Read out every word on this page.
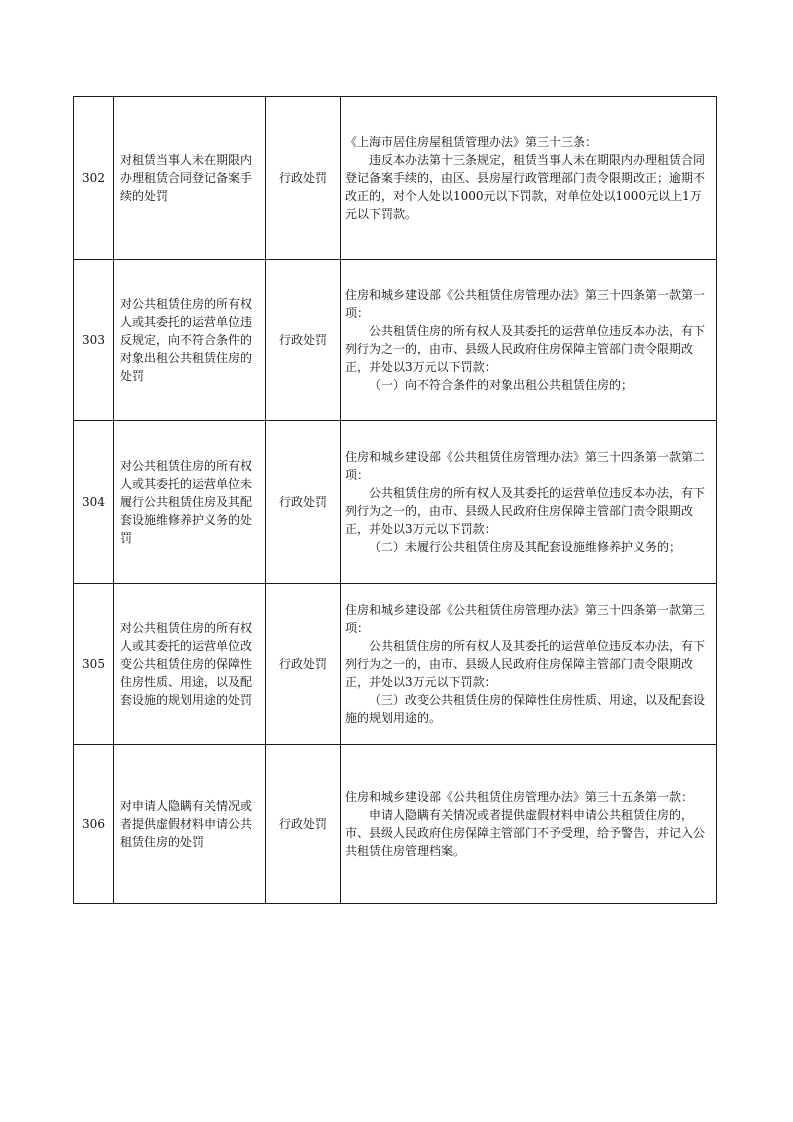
302	对租赁当事人未在期限内办理租赁合同登记备案手续的处罚	行政处罚	《上海市居住房屋租赁管理办法》第三十三条：
违反本办法第十三条规定，租赁当事人未在期限内办理租赁合同登记备案手续的，由区、县房屋行政管理部门责令限期改正；逾期不改正的，对个人处以1000元以下罚款，对单位处以1000元以上1万元以下罚款。

303	对公共租赁住房的所有权人或其委托的运营单位违反规定，向不符合条件的对象出租公共租赁住房的处罚	行政处罚	住房和城乡建设部《公共租赁住房管理办法》第三十四条第一款第一项：
公共租赁住房的所有权人及其委托的运营单位违反本办法，有下列行为之一的，由市、县级人民政府住房保障主管部门责令限期改正，并处以3万元以下罚款：
（一）向不符合条件的对象出租公共租赁住房的；

304	对公共租赁住房的所有权人或其委托的运营单位未履行公共租赁住房及其配套设施维修养护义务的处罚	行政处罚	住房和城乡建设部《公共租赁住房管理办法》第三十四条第一款第二项：
公共租赁住房的所有权人及其委托的运营单位违反本办法，有下列行为之一的，由市、县级人民政府住房保障主管部门责令限期改正，并处以3万元以下罚款：
（二）未履行公共租赁住房及其配套设施维修养护义务的；

305	对公共租赁住房的所有权人或其委托的运营单位改变公共租赁住房的保障性住房性质、用途，以及配套设施的规划用途的处罚	行政处罚	住房和城乡建设部《公共租赁住房管理办法》第三十四条第一款第三项：
公共租赁住房的所有权人及其委托的运营单位违反本办法，有下列行为之一的，由市、县级人民政府住房保障主管部门责令限期改正，并处以3万元以下罚款：
（三）改变公共租赁住房的保障性住房性质、用途，以及配套设施的规划用途的。

306	对申请人隐瞒有关情况或者提供虚假材料申请公共租赁住房的处罚	行政处罚	住房和城乡建设部《公共租赁住房管理办法》第三十五条第一款：
申请人隐瞒有关情况或者提供虚假材料申请公共租赁住房的，市、县级人民政府住房保障主管部门不予受理，给予警告，并记入公共租赁住房管理档案。
